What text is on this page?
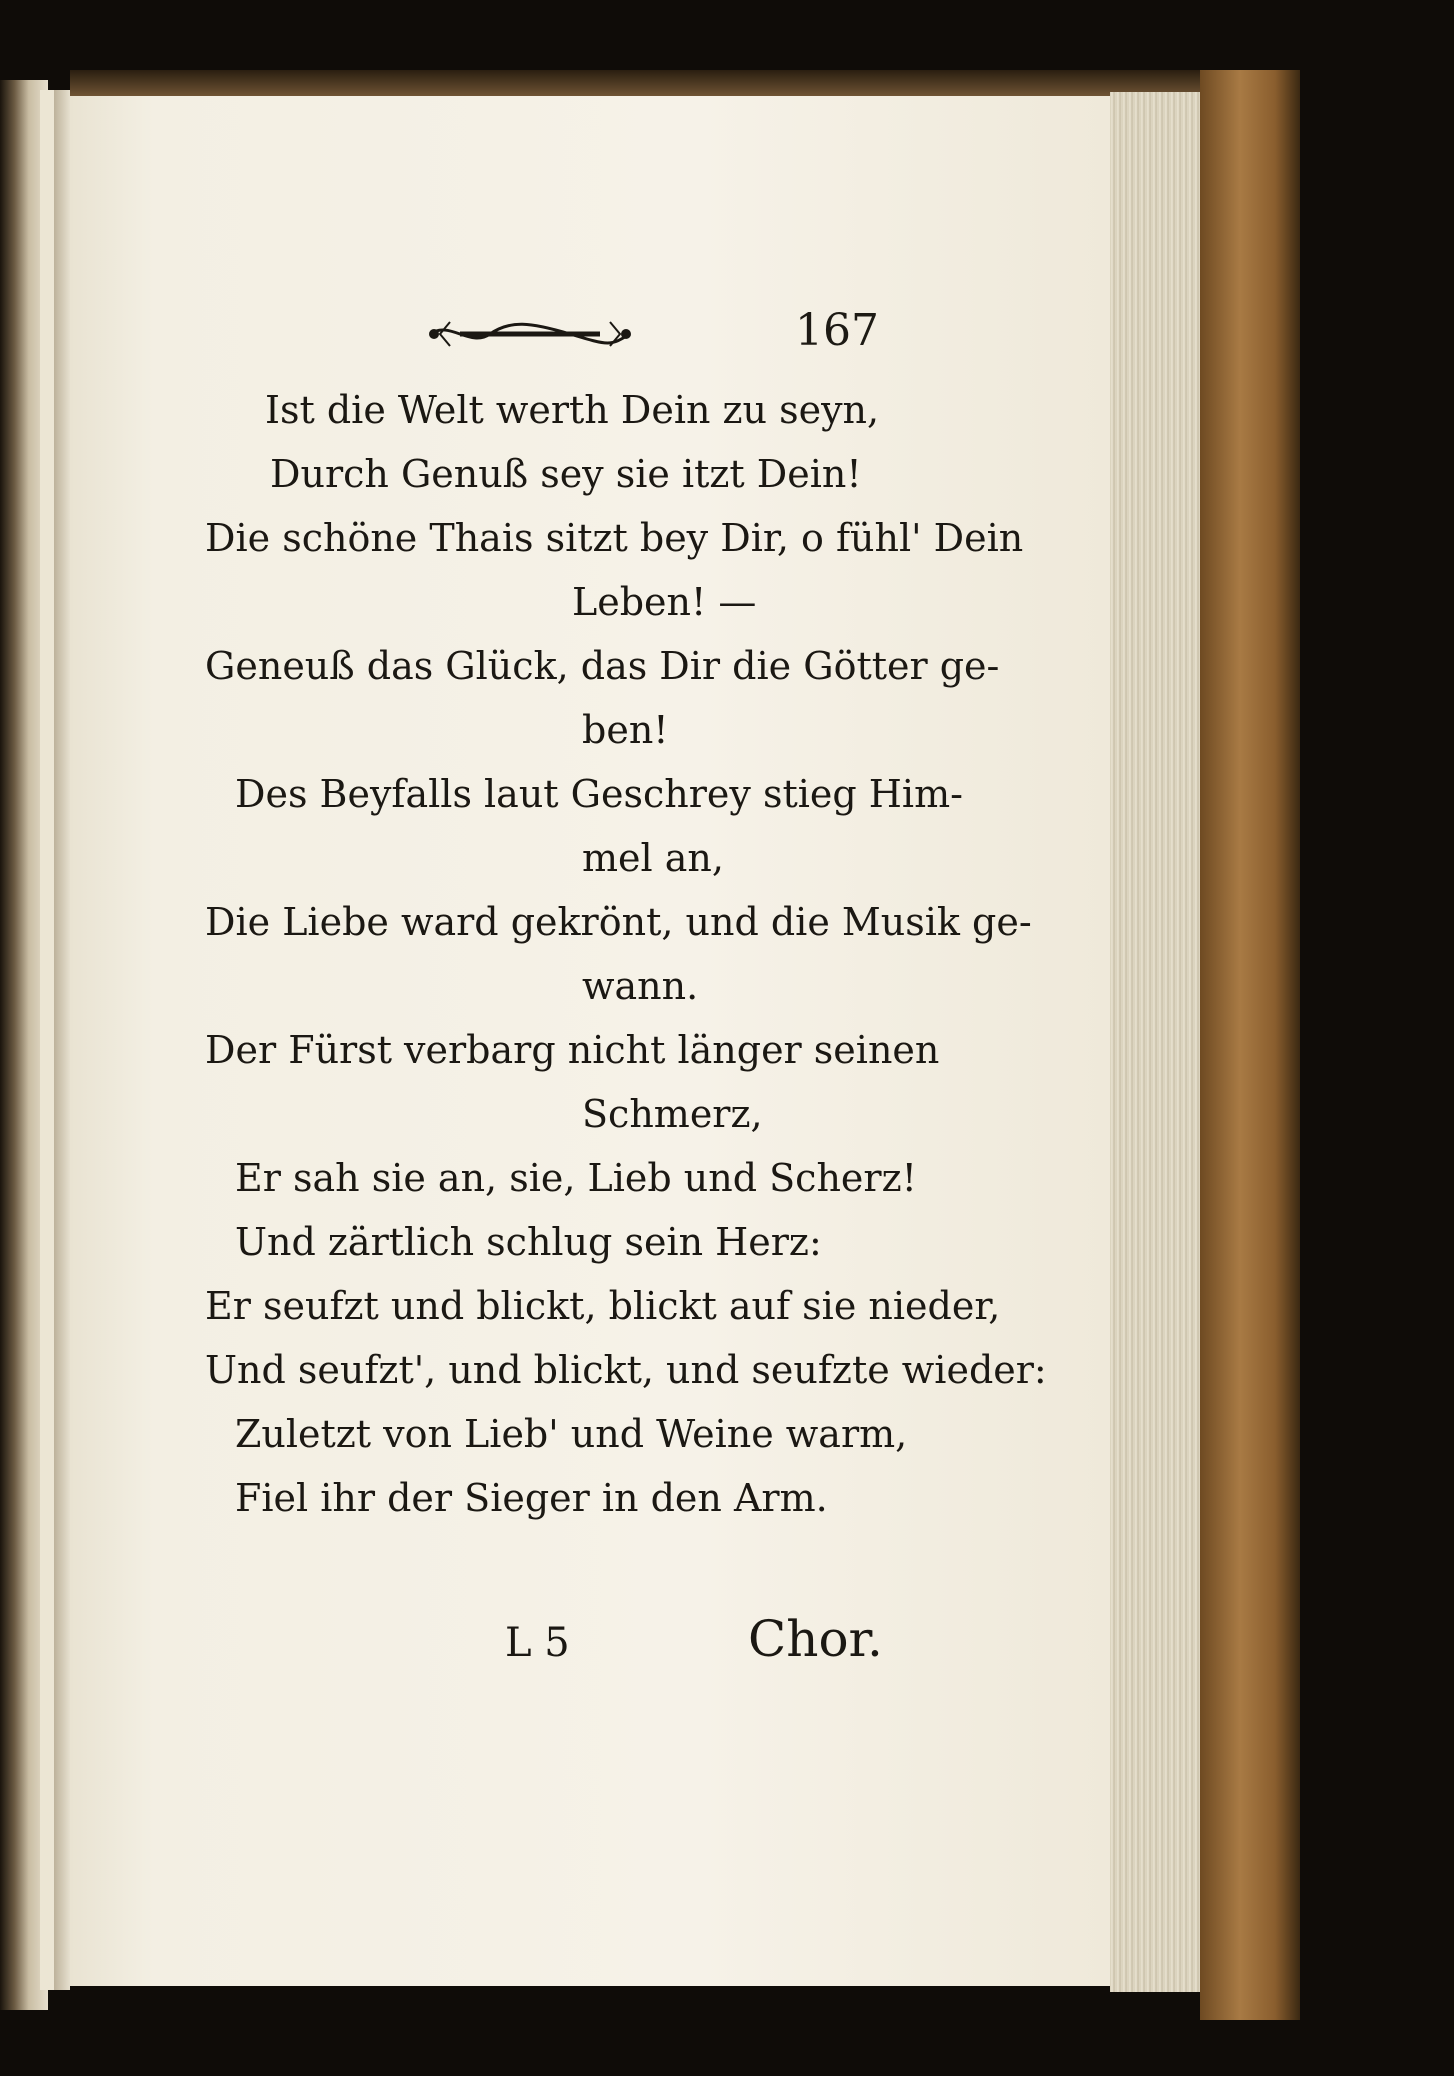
167
Ist die Welt werth Dein zu seyn,
Durch Genuß sey sie itzt Dein!
Die schöne Thais sitzt bey Dir, o fühl' Dein
Leben! —
Geneuß das Glück, das Dir die Götter ge-
ben!
Des Beyfalls laut Geschrey stieg Him-
mel an,
Die Liebe ward gekrönt, und die Musik ge-
wann.
Der Fürst verbarg nicht länger seinen
Schmerz,
Er sah sie an, sie, Lieb und Scherz!
Und zärtlich schlug sein Herz:
Er seufzt und blickt, blickt auf sie nieder,
Und seufzt', und blickt, und seufzte wieder:
Zuletzt von Lieb' und Weine warm,
Fiel ihr der Sieger in den Arm.
L 5	Chor.
